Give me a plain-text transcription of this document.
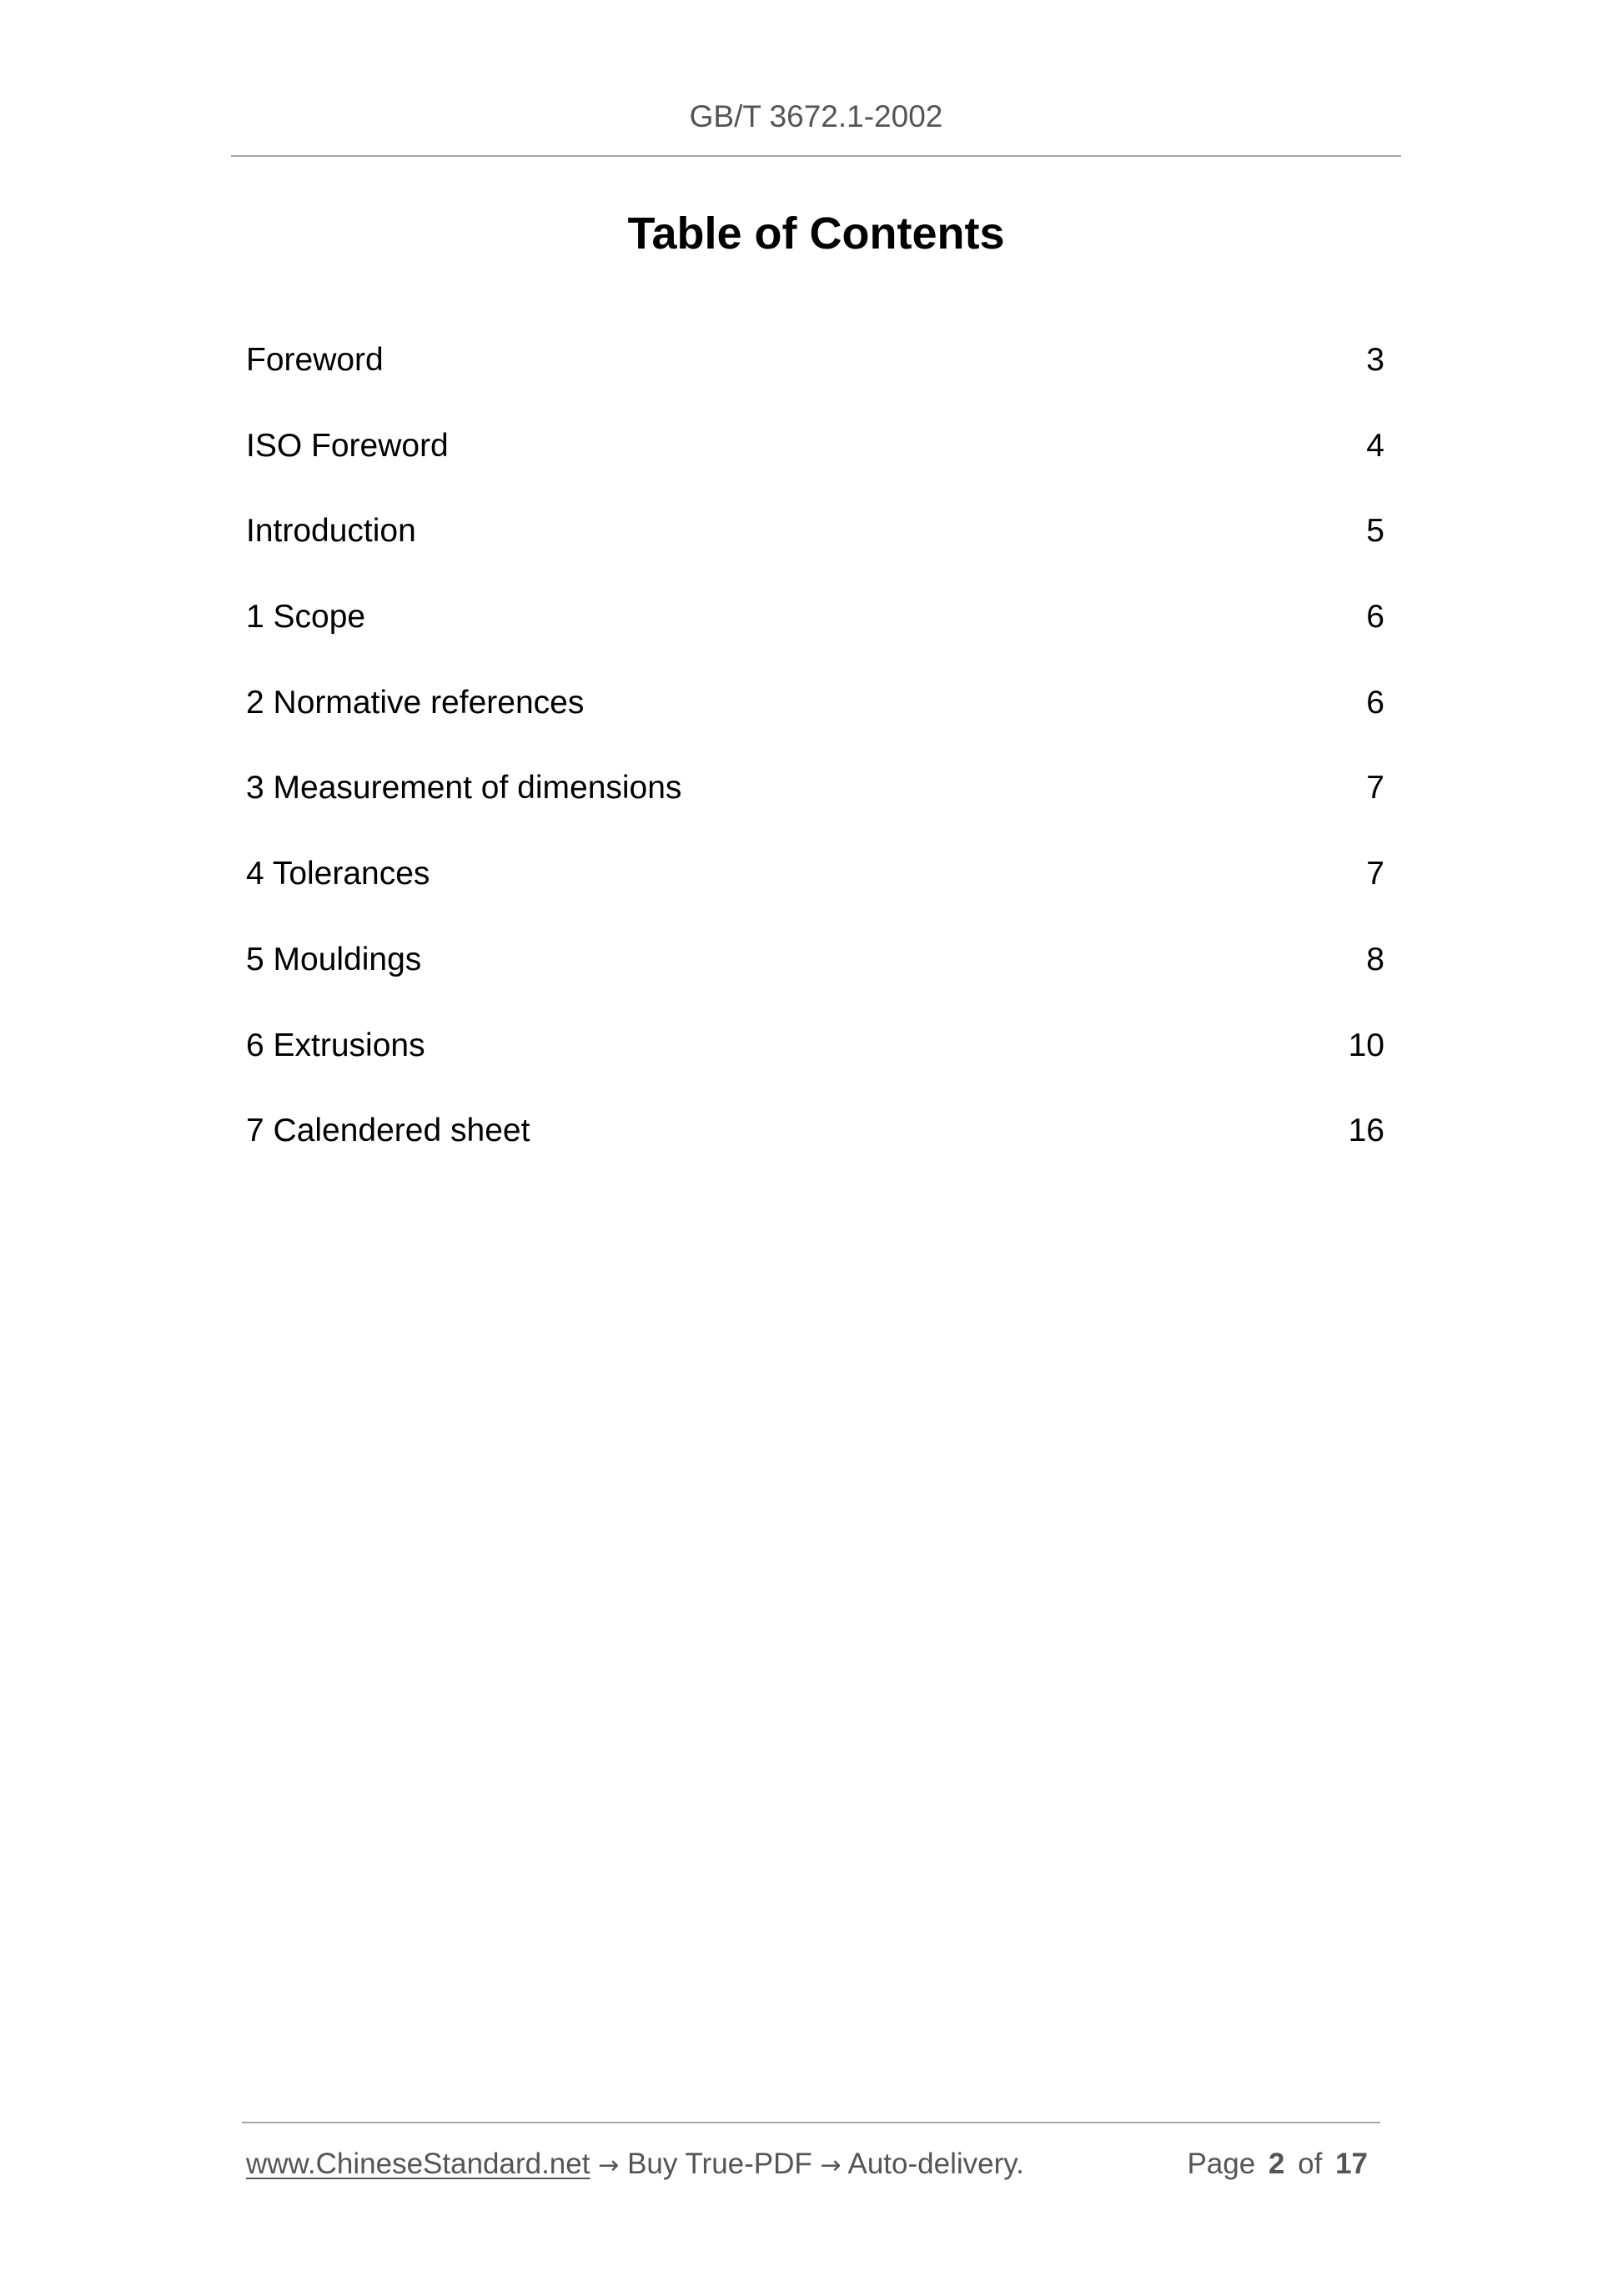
GB/T 3672.1-2002
Table of Contents
Foreword	3
ISO Foreword	4
Introduction	5
1 Scope	6
2 Normative references	6
3 Measurement of dimensions	7
4 Tolerances	7
5 Mouldings	8
6 Extrusions	10
7 Calendered sheet	16
www.ChineseStandard.net → Buy True-PDF → Auto-delivery.	Page 2 of 17
